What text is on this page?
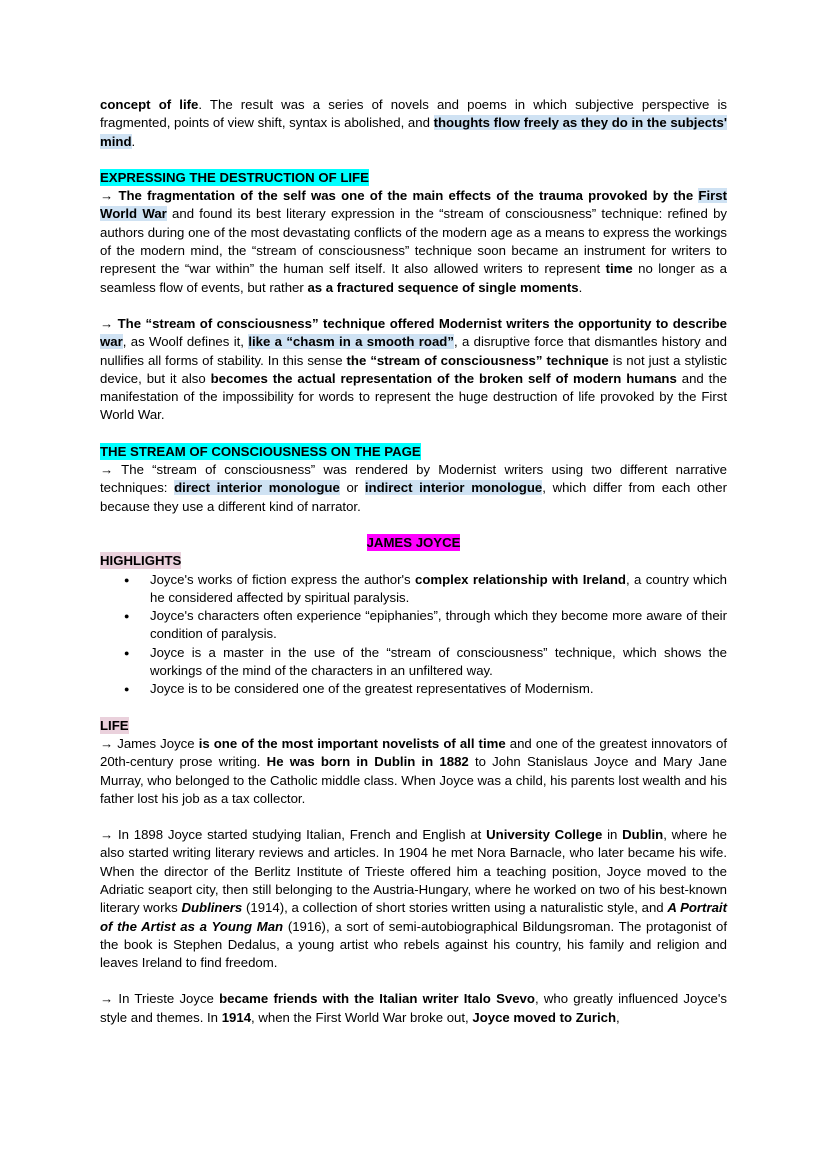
concept of life. The result was a series of novels and poems in which subjective perspective is fragmented, points of view shift, syntax is abolished, and thoughts flow freely as they do in the subjects' mind.

EXPRESSING THE DESTRUCTION OF LIFE

→ The fragmentation of the self was one of the main effects of the trauma provoked by the First World War and found its best literary expression in the “stream of consciousness” technique: refined by authors during one of the most devastating conflicts of the modern age as a means to express the workings of the modern mind, the “stream of consciousness” technique soon became an instrument for writers to represent the “war within” the human self itself. It also allowed writers to represent time no longer as a seamless flow of events, but rather as a fractured sequence of single moments.

→ The “stream of consciousness” technique offered Modernist writers the opportunity to describe war, as Woolf defines it, like a “chasm in a smooth road”, a disruptive force that dismantles history and nullifies all forms of stability. In this sense the “stream of consciousness” technique is not just a stylistic device, but it also becomes the actual representation of the broken self of modern humans and the manifestation of the impossibility for words to represent the huge destruction of life provoked by the First World War.

THE STREAM OF CONSCIOUSNESS ON THE PAGE

→ The “stream of consciousness” was rendered by Modernist writers using two different narrative techniques: direct interior monologue or indirect interior monologue, which differ from each other because they use a different kind of narrator.

JAMES JOYCE
HIGHLIGHTS
● Joyce's works of fiction express the author's complex relationship with Ireland, a country which he considered affected by spiritual paralysis.
● Joyce's characters often experience “epiphanies”, through which they become more aware of their condition of paralysis.
● Joyce is a master in the use of the “stream of consciousness” technique, which shows the workings of the mind of the characters in an unfiltered way.
● Joyce is to be considered one of the greatest representatives of Modernism.
LIFE

→ James Joyce is one of the most important novelists of all time and one of the greatest innovators of 20th-century prose writing. He was born in Dublin in 1882 to John Stanislaus Joyce and Mary Jane Murray, who belonged to the Catholic middle class. When Joyce was a child, his parents lost wealth and his father lost his job as a tax collector.

→ In 1898 Joyce started studying Italian, French and English at University College in Dublin, where he also started writing literary reviews and articles. In 1904 he met Nora Barnacle, who later became his wife. When the director of the Berlitz Institute of Trieste offered him a teaching position, Joyce moved to the Adriatic seaport city, then still belonging to the Austria-Hungary, where he worked on two of his best-known literary works Dubliners (1914), a collection of short stories written using a naturalistic style, and A Portrait of the Artist as a Young Man (1916), a sort of semi-autobiographical Bildungsroman. The protagonist of the book is Stephen Dedalus, a young artist who rebels against his country, his family and religion and leaves Ireland to find freedom.

→ In Trieste Joyce became friends with the Italian writer Italo Svevo, who greatly influenced Joyce's style and themes. In 1914, when the First World War broke out, Joyce moved to Zurich,
